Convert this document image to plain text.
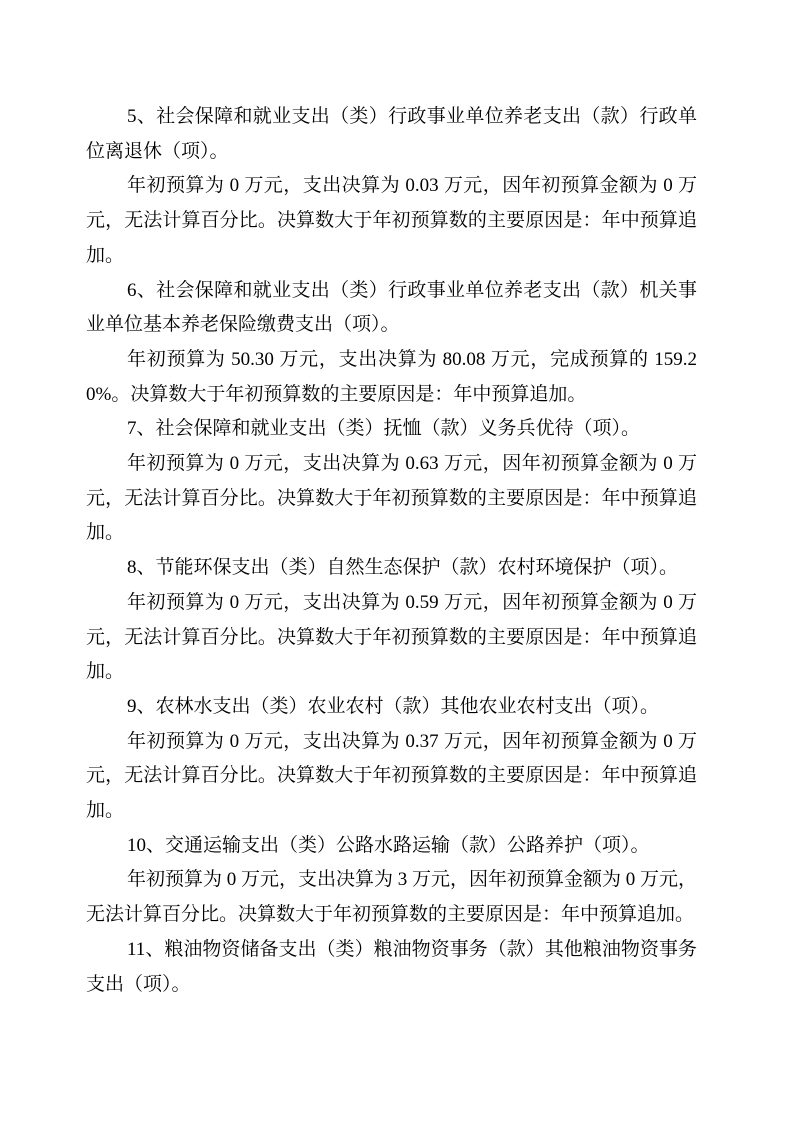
5、社会保障和就业支出（类）行政事业单位养老支出（款）行政单位离退休（项）。

年初预算为 0 万元，支出决算为 0.03 万元，因年初预算金额为 0 万元，无法计算百分比。决算数大于年初预算数的主要原因是：年中预算追加。

6、社会保障和就业支出（类）行政事业单位养老支出（款）机关事业单位基本养老保险缴费支出（项）。

年初预算为 50.30 万元，支出决算为 80.08 万元，完成预算的 159.20%。决算数大于年初预算数的主要原因是：年中预算追加。

7、社会保障和就业支出（类）抚恤（款）义务兵优待（项）。

年初预算为 0 万元，支出决算为 0.63 万元，因年初预算金额为 0 万元，无法计算百分比。决算数大于年初预算数的主要原因是：年中预算追加。

8、节能环保支出（类）自然生态保护（款）农村环境保护（项）。

年初预算为 0 万元，支出决算为 0.59 万元，因年初预算金额为 0 万元，无法计算百分比。决算数大于年初预算数的主要原因是：年中预算追加。

9、农林水支出（类）农业农村（款）其他农业农村支出（项）。

年初预算为 0 万元，支出决算为 0.37 万元，因年初预算金额为 0 万元，无法计算百分比。决算数大于年初预算数的主要原因是：年中预算追加。

10、交通运输支出（类）公路水路运输（款）公路养护（项）。

年初预算为 0 万元，支出决算为 3 万元，因年初预算金额为 0 万元，无法计算百分比。决算数大于年初预算数的主要原因是：年中预算追加。

11、粮油物资储备支出（类）粮油物资事务（款）其他粮油物资事务支出（项）。
